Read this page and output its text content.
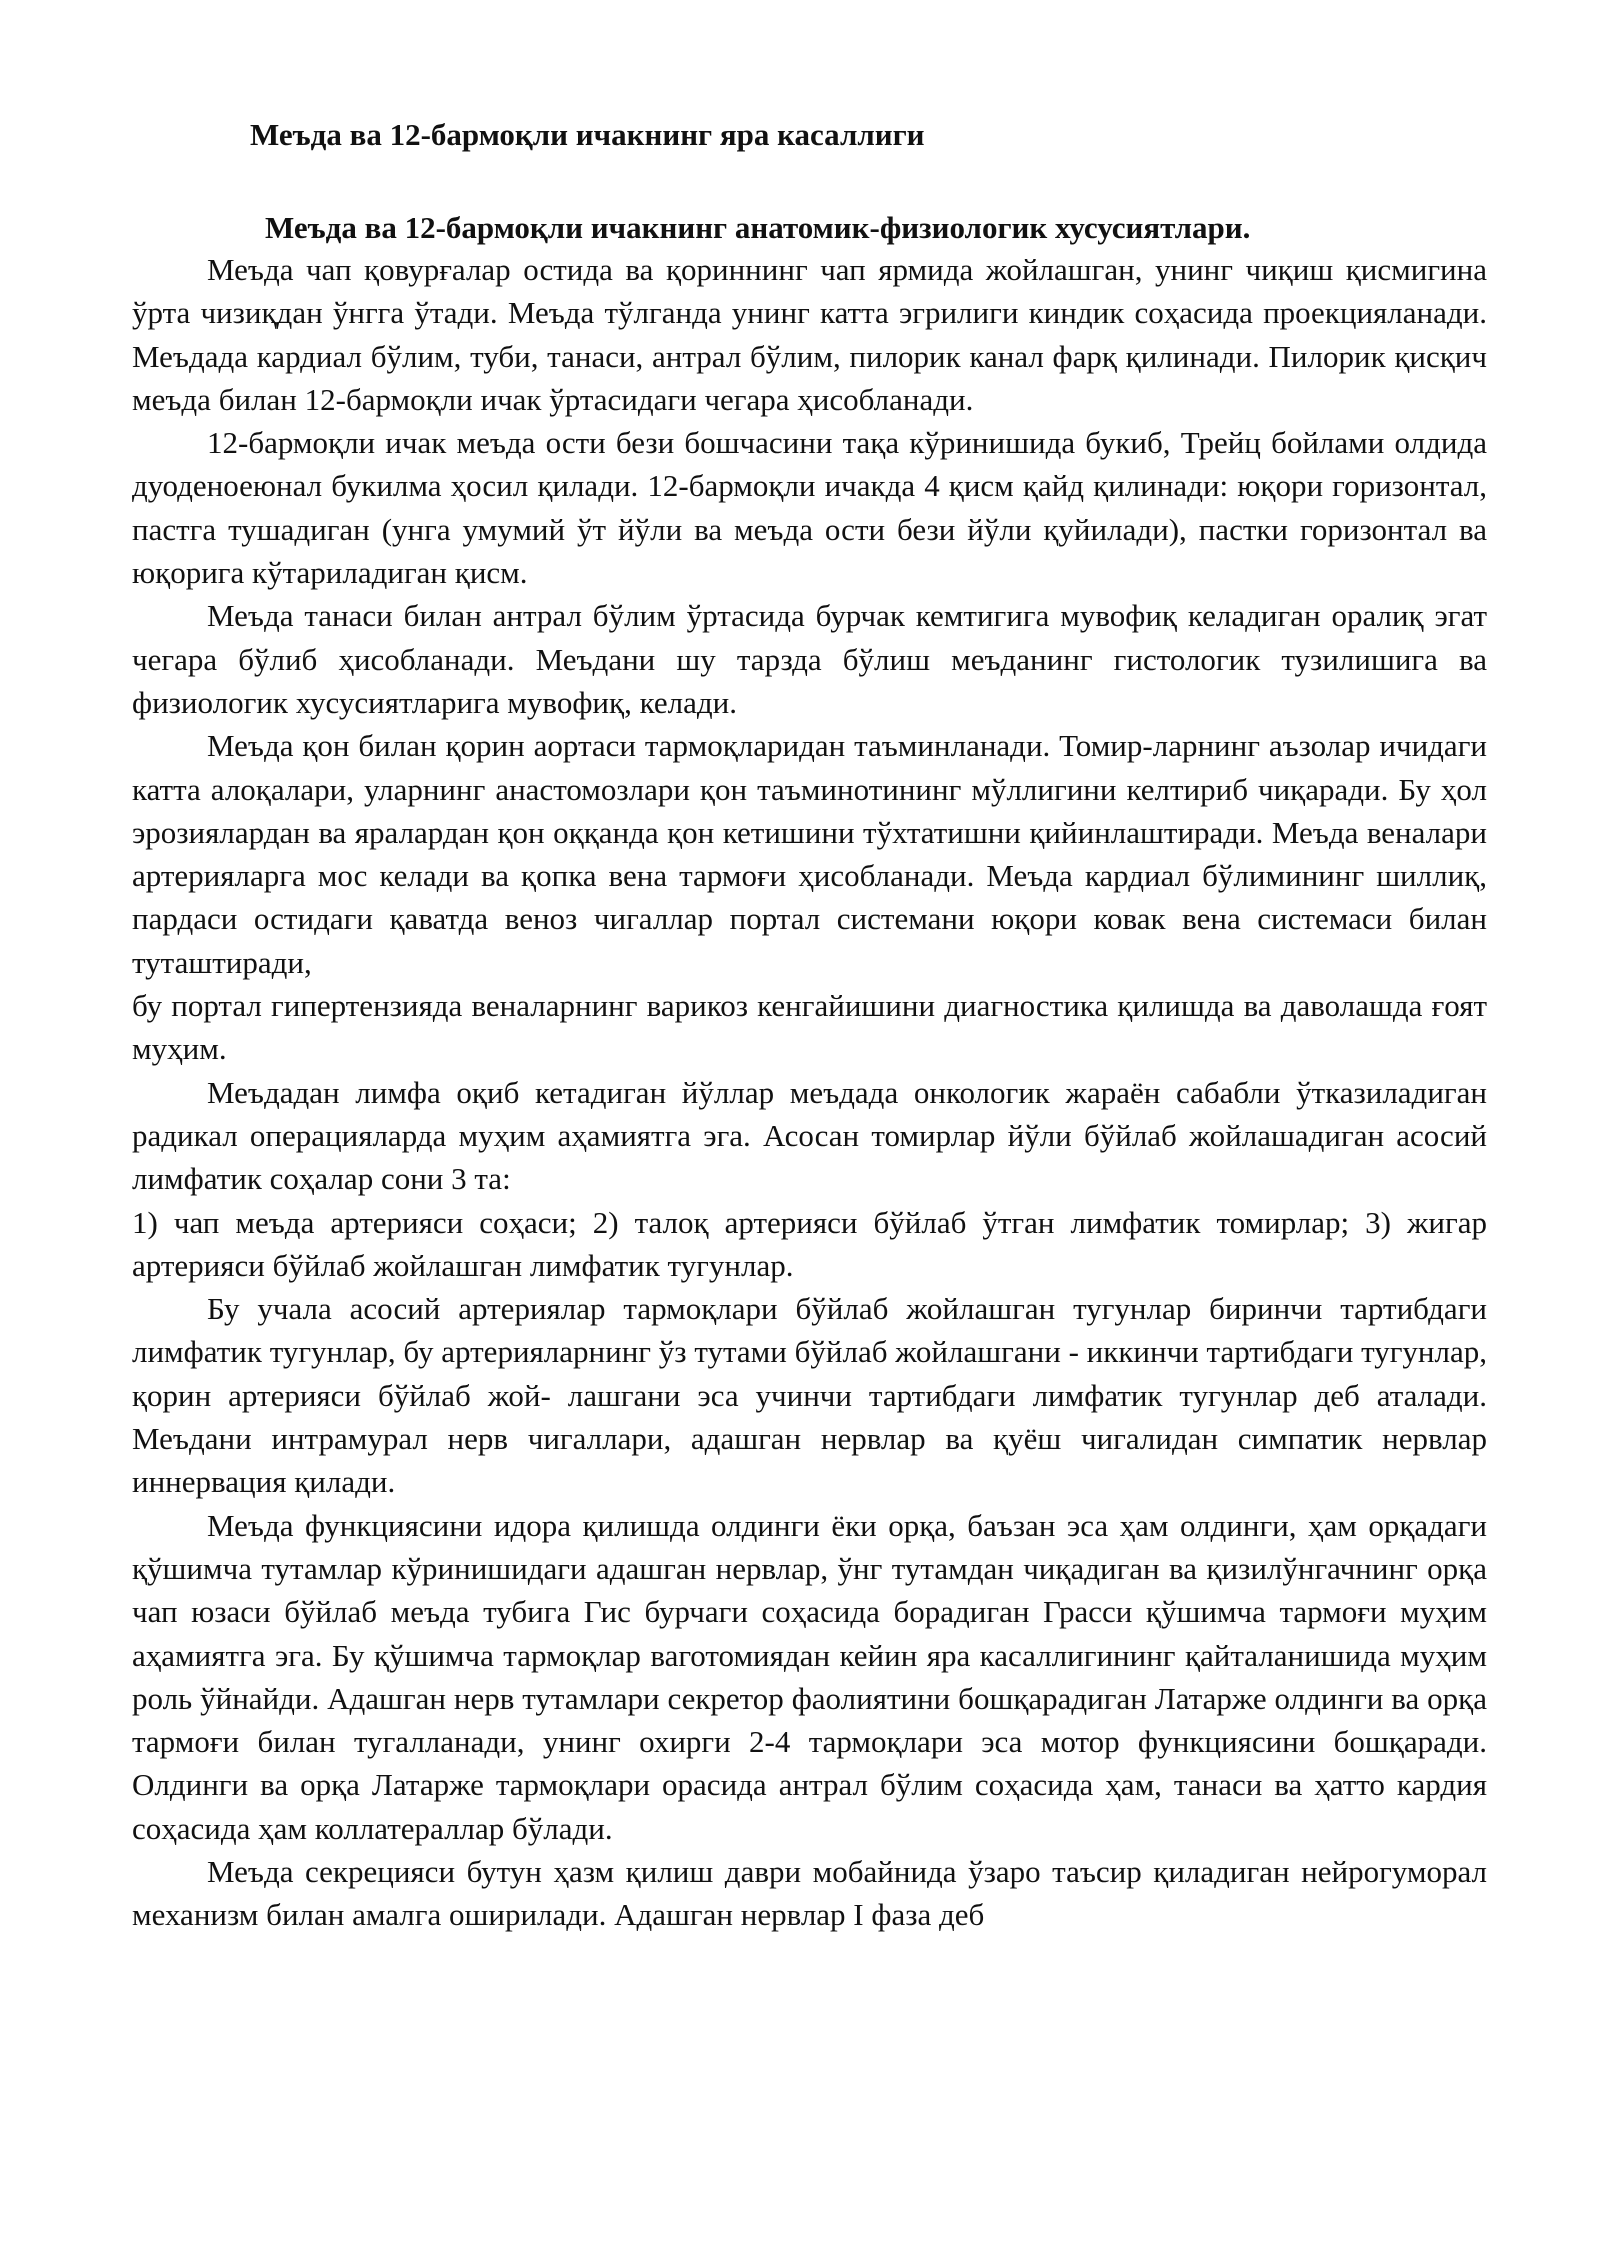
Меъда ва 12-бармоқли ичакнинг яра касаллиги
Меъда ва 12-бармоқли ичакнинг анатомик-физиологик хусусиятлари.

Меъда чап қовурғалар остида ва қориннинг чап ярмида жойлашган, унинг чиқиш қисмигина ўрта чизиқдан ўнгга ўтади. Меъда тўлганда унинг катта эгрилиги киндик соҳасида проекцияланади. Меъдада кардиал бўлим, туби, танаси, антрал бўлим, пилорик канал фарқ қилинади. Пилорик қисқич меъда билан 12-бармоқли ичак ўртасидаги чегара ҳисобланади.

12-бармоқли ичак меъда ости бези бошчасини тақа кўринишида букиб, Трейц бойлами олдида дуоденоеюнал букилма ҳосил қилади. 12-бармоқли ичакда 4 қисм қайд қилинади: юқори горизонтал, пастга тушадиган (унга умумий ўт йўли ва меъда ости бези йўли қуйилади), пастки горизонтал ва юқорига кўтариладиган қисм.

Меъда танаси билан антрал бўлим ўртасида бурчак кемтигига мувофиқ келадиган оралиқ эгат чегара бўлиб ҳисобланади. Меъдани шу тарзда бўлиш меъданинг гистологик тузилишига ва физиологик хусусиятларига мувофиқ, келади.

Меъда қон билан қорин аортаси тармоқларидан таъминланади. Томир-ларнинг аъзолар ичидаги катта алоқалари, уларнинг анастомозлари қон таъминотининг мўллигини келтириб чиқаради. Бу ҳол эрозиялардан ва яралардан қон оққанда қон кетишини тўхтатишни қийинлаштиради. Меъда веналари артерияларга мос келади ва қопка вена тармоғи ҳисобланади. Меъда кардиал бўлимининг шиллиқ, пардаси остидаги қаватда веноз чигаллар портал системани юқори ковак вена системаси билан туташтиради,

бу портал гипертензияда веналарнинг варикоз кенгайишини диагностика қилишда ва даволашда ғоят муҳим.

Меъдадан лимфа оқиб кетадиган йўллар меъдада онкологик жараён сабабли ўтказиладиган радикал операцияларда муҳим аҳамиятга эга. Асосан томирлар йўли бўйлаб жойлашадиган асосий лимфатик соҳалар сони 3 та:

1) чап меъда артерияси соҳаси; 2) талоқ артерияси бўйлаб ўтган лимфатик томирлар; 3) жигар артерияси бўйлаб жойлашган лимфатик тугунлар.

Бу учала асосий артериялар тармоқлари бўйлаб жойлашган тугунлар биринчи тартибдаги лимфатик тугунлар, бу артерияларнинг ўз тутами бўйлаб жойлашгани - иккинчи тартибдаги тугунлар, қорин артерияси бўйлаб жой- лашгани эса учинчи тартибдаги лимфатик тугунлар деб аталади. Меъдани интрамурал нерв чигаллари, адашган нервлар ва қуёш чигалидан симпатик нервлар иннервация қилади.

Меъда функциясини идора қилишда олдинги ёки орқа, баъзан эса ҳам олдинги, ҳам орқадаги қўшимча тутамлар кўринишидаги адашган нервлар, ўнг тутамдан чиқадиган ва қизилўнгачнинг орқа чап юзаси бўйлаб меъда тубига Гис бурчаги соҳасида борадиган Грасси қўшимча тармоғи муҳим аҳамиятга эга. Бу қўшимча тармоқлар ваготомиядан кейин яра касаллигининг қайталанишида муҳим роль ўйнайди. Адашган нерв тутамлари секретор фаолиятини бошқарадиган Латарже олдинги ва орқа тармоғи билан тугалланади, унинг охирги 2-4 тармоқлари эса мотор функциясини бошқаради. Олдинги ва орқа Латарже тармоқлари орасида антрал бўлим соҳасида ҳам, танаси ва ҳатто кардия соҳасида ҳам коллатераллар бўлади.

Меъда секрецияси бутун ҳазм қилиш даври мобайнида ўзаро таъсир қиладиган нейрогуморал механизм билан амалга оширилади. Адашган нервлар I фаза деб
